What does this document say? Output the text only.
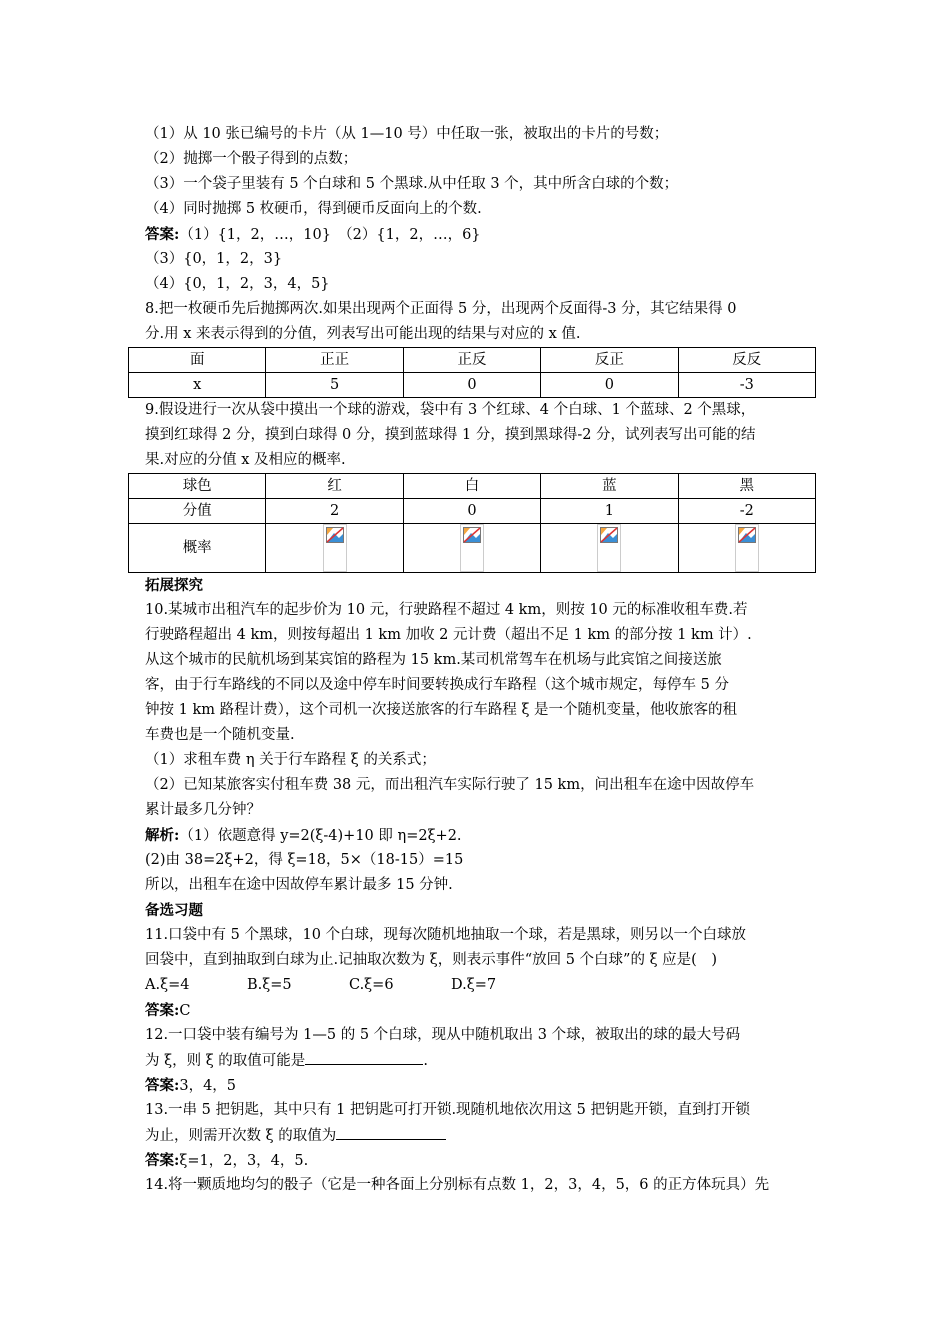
（1）从 10 张已编号的卡片（从 1—10 号）中任取一张，被取出的卡片的号数；
（2）抛掷一个骰子得到的点数；
（3）一个袋子里装有 5 个白球和 5 个黑球.从中任取 3 个，其中所含白球的个数；
（4）同时抛掷 5 枚硬币，得到硬币反面向上的个数.
答案:（1）{1，2，…，10}　（2）{1，2，…，6}
（3）{0，1，2，3}
（4）{0，1，2，3，4，5}
8.把一枚硬币先后抛掷两次.如果出现两个正面得 5 分，出现两个反面得-3 分，其它结果得 0
分.用 x 来表示得到的分值，列表写出可能出现的结果与对应的 x 值.
面	正正	正反	反正	反反
x	5	0	0	-3
9.假设进行一次从袋中摸出一个球的游戏，袋中有 3 个红球、4 个白球、1 个蓝球、2 个黑球，
摸到红球得 2 分，摸到白球得 0 分，摸到蓝球得 1 分，摸到黑球得-2 分，试列表写出可能的结
果.对应的分值 x 及相应的概率.
球色	红	白	蓝	黑
分值	2	0	1	-2
概率	

拓展探究
10.某城市出租汽车的起步价为 10 元，行驶路程不超过 4 km，则按 10 元的标准收租车费.若
行驶路程超出 4 km，则按每超出 1 km 加收 2 元计费（超出不足 1 km 的部分按 1 km 计）.
从这个城市的民航机场到某宾馆的路程为 15 km.某司机常驾车在机场与此宾馆之间接送旅
客，由于行车路线的不同以及途中停车时间要转换成行车路程（这个城市规定，每停车 5 分
钟按 1 km 路程计费），这个司机一次接送旅客的行车路程 ξ 是一个随机变量，他收旅客的租
车费也是一个随机变量.
（1）求租车费 η 关于行车路程 ξ 的关系式；
（2）已知某旅客实付租车费 38 元，而出租汽车实际行驶了 15 km，问出租车在途中因故停车
累计最多几分钟？
解析:（1）依题意得 y=2(ξ-4)+10 即 η=2ξ+2.
(2)由 38=2ξ+2，得 ξ=18，5×（18-15）=15
所以，出租车在途中因故停车累计最多 15 分钟.
备选习题
11.口袋中有 5 个黑球，10 个白球，现每次随机地抽取一个球，若是黑球，则另以一个白球放
回袋中，直到抽取到白球为止.记抽取次数为 ξ，则表示事件“放回 5 个白球”的 ξ 应是(　)
A.ξ=4	B.ξ=5	C.ξ=6	D.ξ=7
答案:C
12.一口袋中装有编号为 1—5 的 5 个白球，现从中随机取出 3 个球，被取出的球的最大号码
为 ξ，则 ξ 的取值可能是	.
答案:3，4，5
13.一串 5 把钥匙，其中只有 1 把钥匙可打开锁.现随机地依次用这 5 把钥匙开锁，直到打开锁
为止，则需开次数 ξ 的取值为
答案:ξ=1，2，3，4，5.
14.将一颗质地均匀的骰子（它是一种各面上分别标有点数 1，2，3，4，5，6 的正方体玩具）先
